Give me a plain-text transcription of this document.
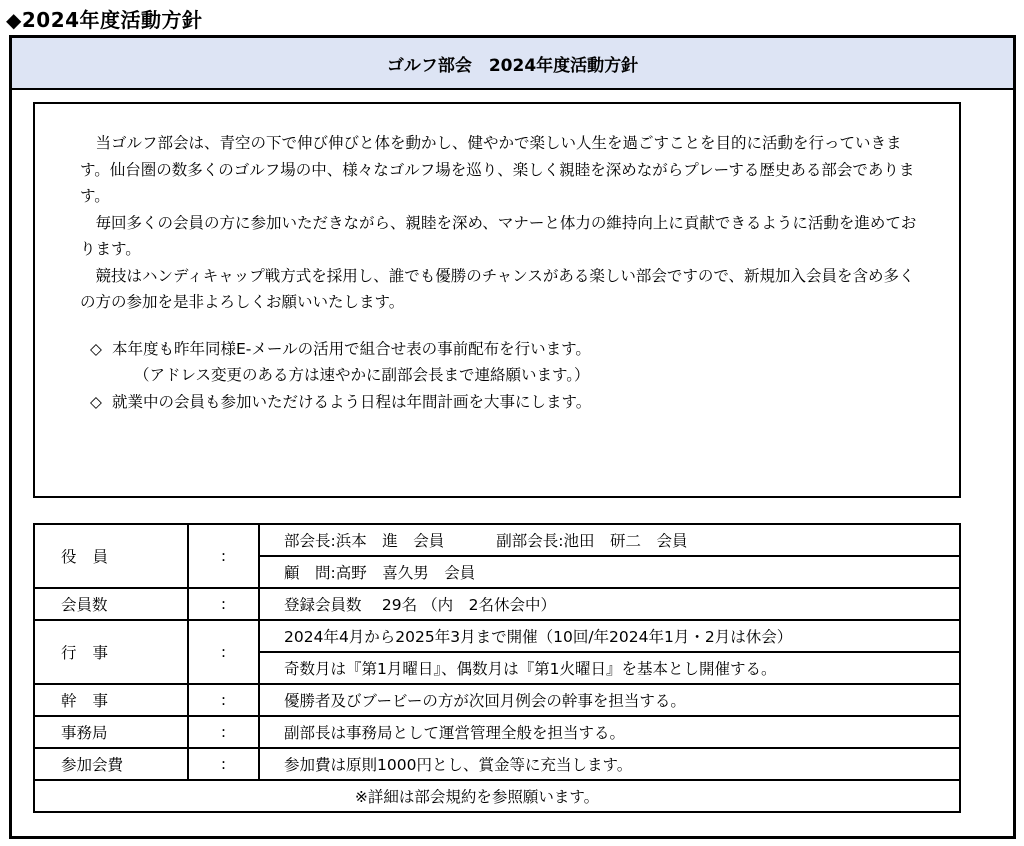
◆2024年度活動方針
ゴルフ部会　2024年度活動方針

当ゴルフ部会は、青空の下で伸び伸びと体を動かし、健やかで楽しい人生を過ごすことを目的に活動を行っていきます。仙台圏の数多くのゴルフ場の中、様々なゴルフ場を巡り、楽しく親睦を深めながらプレーする歴史ある部会であります。

毎回多くの会員の方に参加いただきながら、親睦を深め、マナーと体力の維持向上に貢献できるように活動を進めております。

競技はハンディキャップ戦方式を採用し、誰でも優勝のチャンスがある楽しい部会ですので、新規加入会員を含め多くの方の参加を是非よろしくお願いいたします。

◇ 本年度も昨年同様E-メールの活用で組合せ表の事前配布を行います。
（アドレス変更のある方は速やかに副部会長まで連絡願います。）
◇ 就業中の会員も参加いただけるよう日程は年間計画を大事にします。
役員	:	部会長:浜本　進　会員 副部会長:池田　研二　会員
		顧　問:高野　喜久男　会員
会員数	:	登録会員数　 29名 （内　2名休会中）
行事	:	2024年4月から2025年3月まで開催（10回/年2024年1月・2月は休会）
		奇数月は『第1月曜日』、偶数月は『第1火曜日』を基本とし開催する。
幹事	:	優勝者及びブービーの方が次回月例会の幹事を担当する。
事務局	:	副部長は事務局として運営管理全般を担当する。
参加会費	:	参加費は原則1000円とし、賞金等に充当します。
※詳細は部会規約を参照願います。		
